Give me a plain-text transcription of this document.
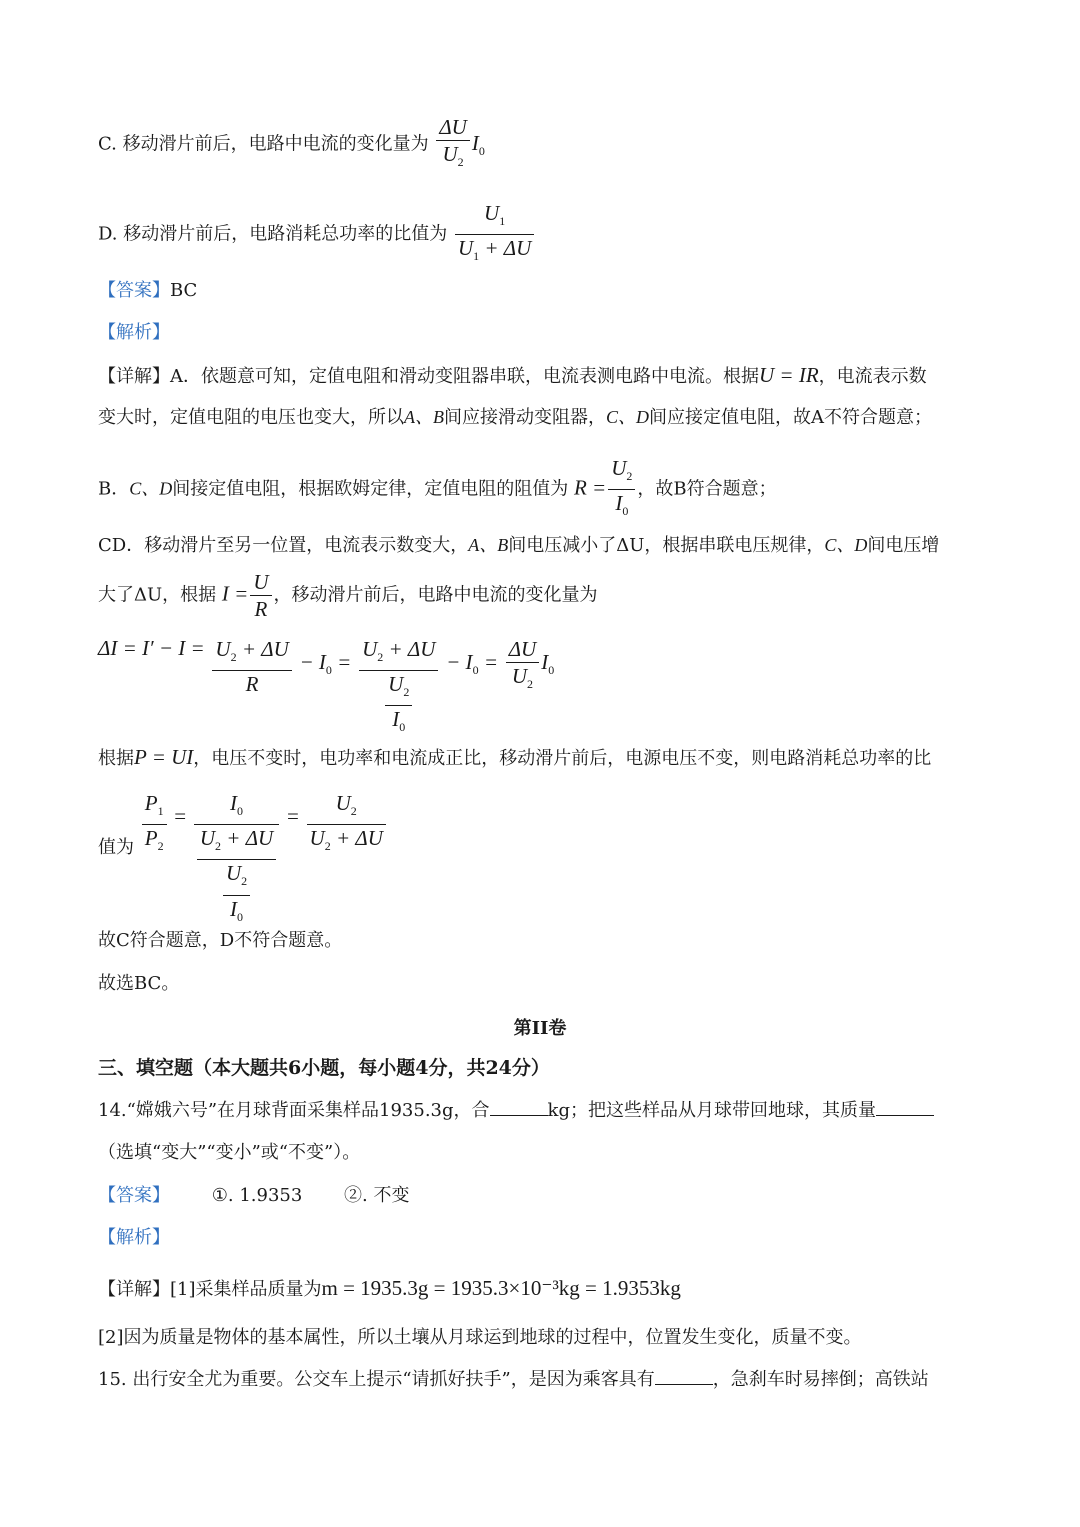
C. 移动滑片前后，电路中电流的变化量为 $\frac{\Delta U}{U_2} I_0$
D. 移动滑片前后，电路消耗总功率的比值为 $\frac{U_1}{U_1 + \Delta U}$
【答案】BC
【解析】
【详解】A．依题意可知，定值电阻和滑动变阻器串联，电流表测电路中电流。根据U = IR，电流表示数
变大时，定值电阻的电压也变大，所以A、B间应接滑动变阻器，C、D间应接定值电阻，故A不符合题意；
B．C、D间接定值电阻，根据欧姆定律，定值电阻的阻值为 $R = \frac{U_2}{I_0}$ ，故B符合题意；
CD．移动滑片至另一位置，电流表示数变大，A、B间电压减小了ΔU，根据串联电压规律，C、D间电压增
大了ΔU，根据 $I = \frac{U}{R}$ ，移动滑片前后，电路中电流的变化量为
$\Delta I = I' - I = \frac{U_2 + \Delta U}{R} - I_0 = \frac{U_2 + \Delta U}{\frac{U_2}{I_0}} - I_0 = \frac{\Delta U}{U_2} I_0$
根据P = UI，电压不变时，电功率和电流成正比，移动滑片前后，电源电压不变，则电路消耗总功率的比
值为 $\frac{P_1}{P_2} = \frac{I_0}{\frac{U_2 + \Delta U}{\frac{U_2}{I_0}}} = \frac{U_2}{U_2 + \Delta U}$
故C符合题意，D不符合题意。
故选BC。
第II卷
三、填空题（本大题共6小题，每小题4分，共24分）
14.“嫦娥六号”在月球背面采集样品1935.3g，合	kg；把这些样品从月球带回地球，其质量
（选填“变大”“变小”或“不变”）。
【答案】 ①. 1.9353 ②. 不变
【解析】
【详解】[1]采集样品质量为m = 1935.3g = 1935.3×10⁻³kg = 1.9353kg
[2]因为质量是物体的基本属性，所以土壤从月球运到地球的过程中，位置发生变化，质量不变。
15. 出行安全尤为重要。公交车上提示“请抓好扶手”，是因为乘客具有	，急刹车时易摔倒；高铁站
